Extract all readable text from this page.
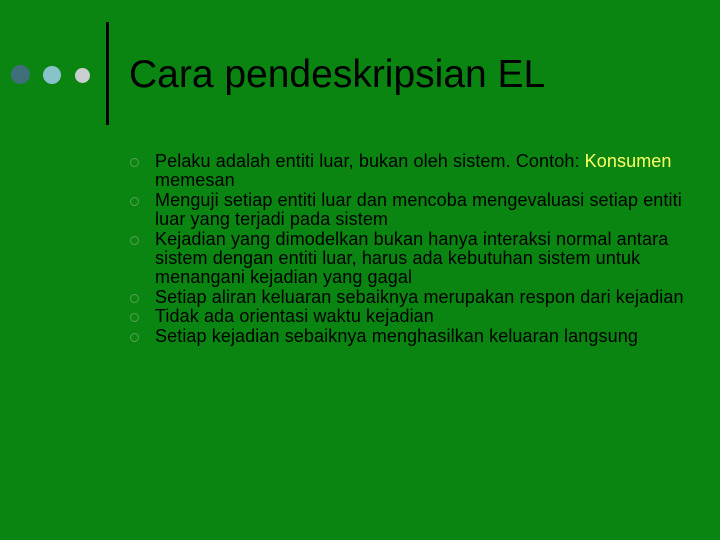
Cara pendeskripsian EL
Pelaku adalah entiti luar, bukan oleh sistem. Contoh: Konsumen memesan
Menguji setiap entiti luar dan mencoba mengevaluasi setiap entiti luar yang terjadi pada sistem
Kejadian yang dimodelkan bukan hanya interaksi normal antara sistem dengan entiti luar, harus ada kebutuhan sistem untuk menangani kejadian yang gagal
Setiap aliran keluaran sebaiknya merupakan respon dari kejadian
Tidak ada orientasi waktu kejadian
Setiap kejadian sebaiknya menghasilkan keluaran langsung
